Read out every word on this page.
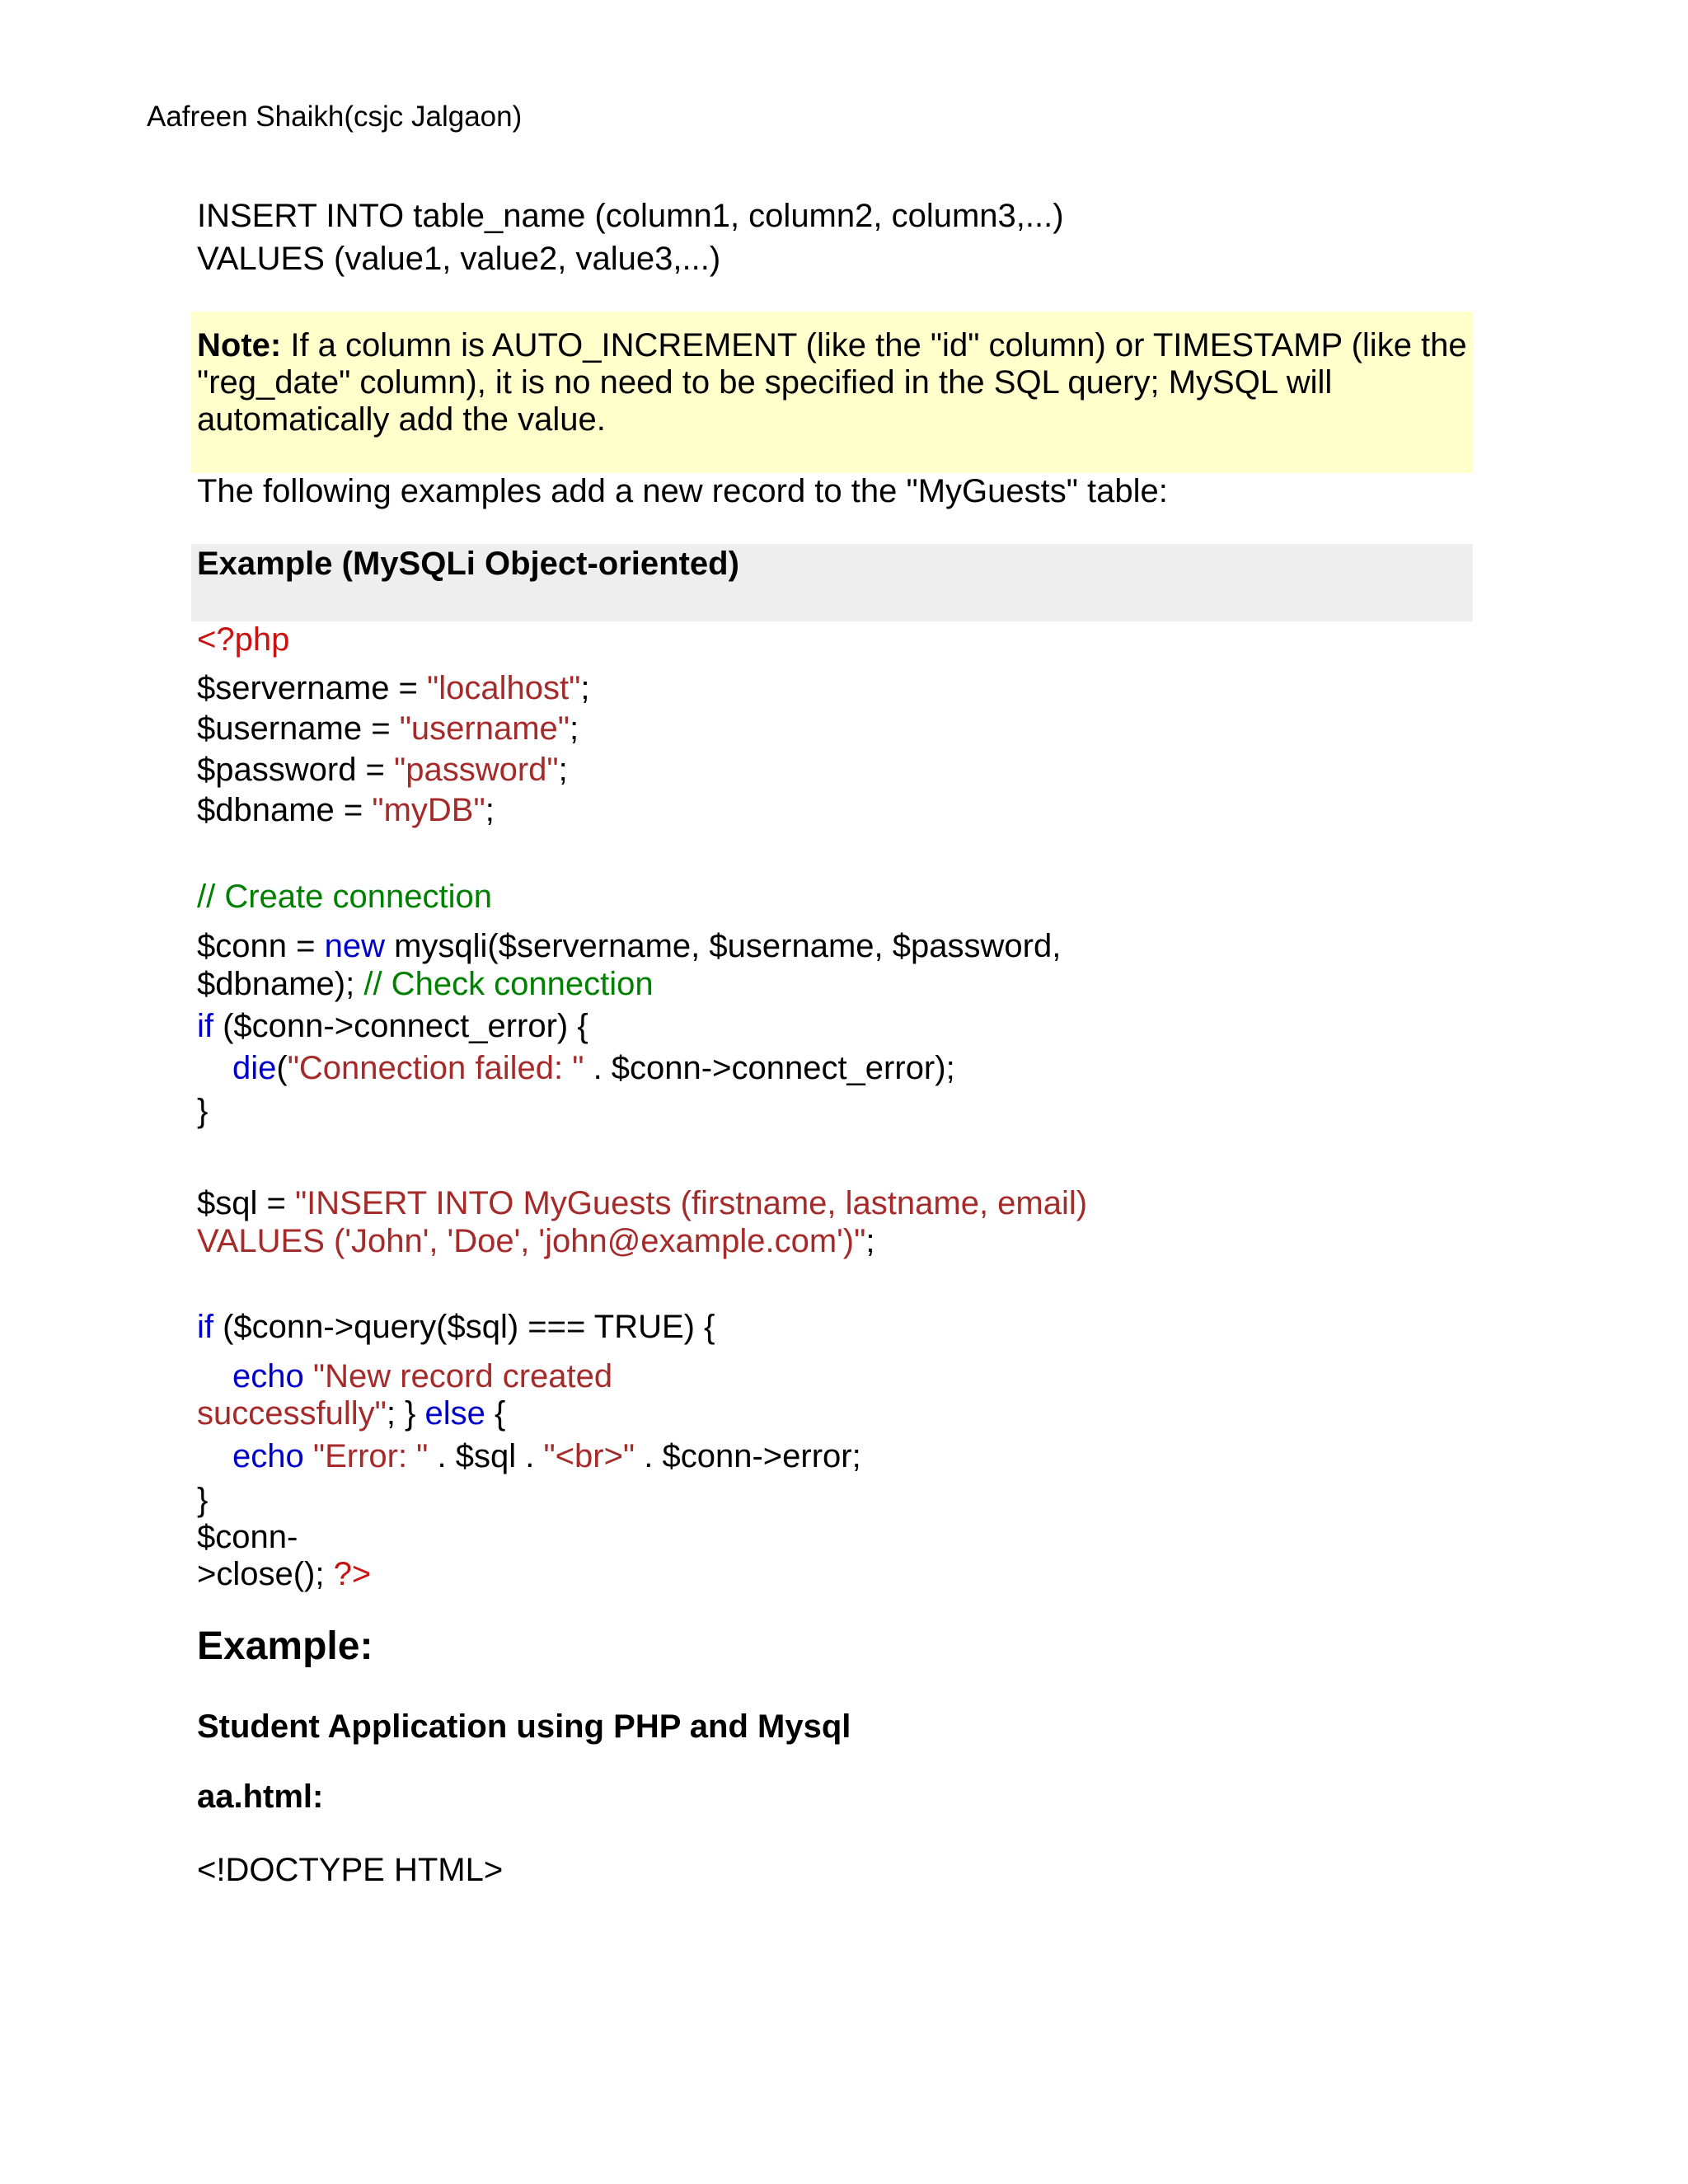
Aafreen Shaikh(csjc Jalgaon)
INSERT INTO table_name (column1, column2, column3,...)
VALUES (value1, value2, value3,...)
Note: If a column is AUTO_INCREMENT (like the "id" column) or TIMESTAMP (like the
"reg_date" column), it is no need to be specified in the SQL query; MySQL will
automatically add the value.
The following examples add a new record to the "MyGuests" table:
Example (MySQLi Object-oriented)
<?php
$servername = "localhost";
$username = "username";
$password = "password";
$dbname = "myDB";
// Create connection
$conn = new mysqli($servername, $username, $password,
$dbname); // Check connection
if ($conn->connect_error) {
die("Connection failed: " . $conn->connect_error);
}
$sql = "INSERT INTO MyGuests (firstname, lastname, email)
VALUES ('John', 'Doe', 'john@example.com')";
if ($conn->query($sql) === TRUE) {
echo "New record created
successfully"; } else {
echo "Error: " . $sql . "<br>" . $conn->error;
}
$conn-
>close(); ?>
Example:
Student Application using PHP and Mysql
aa.html:
<!DOCTYPE HTML>
